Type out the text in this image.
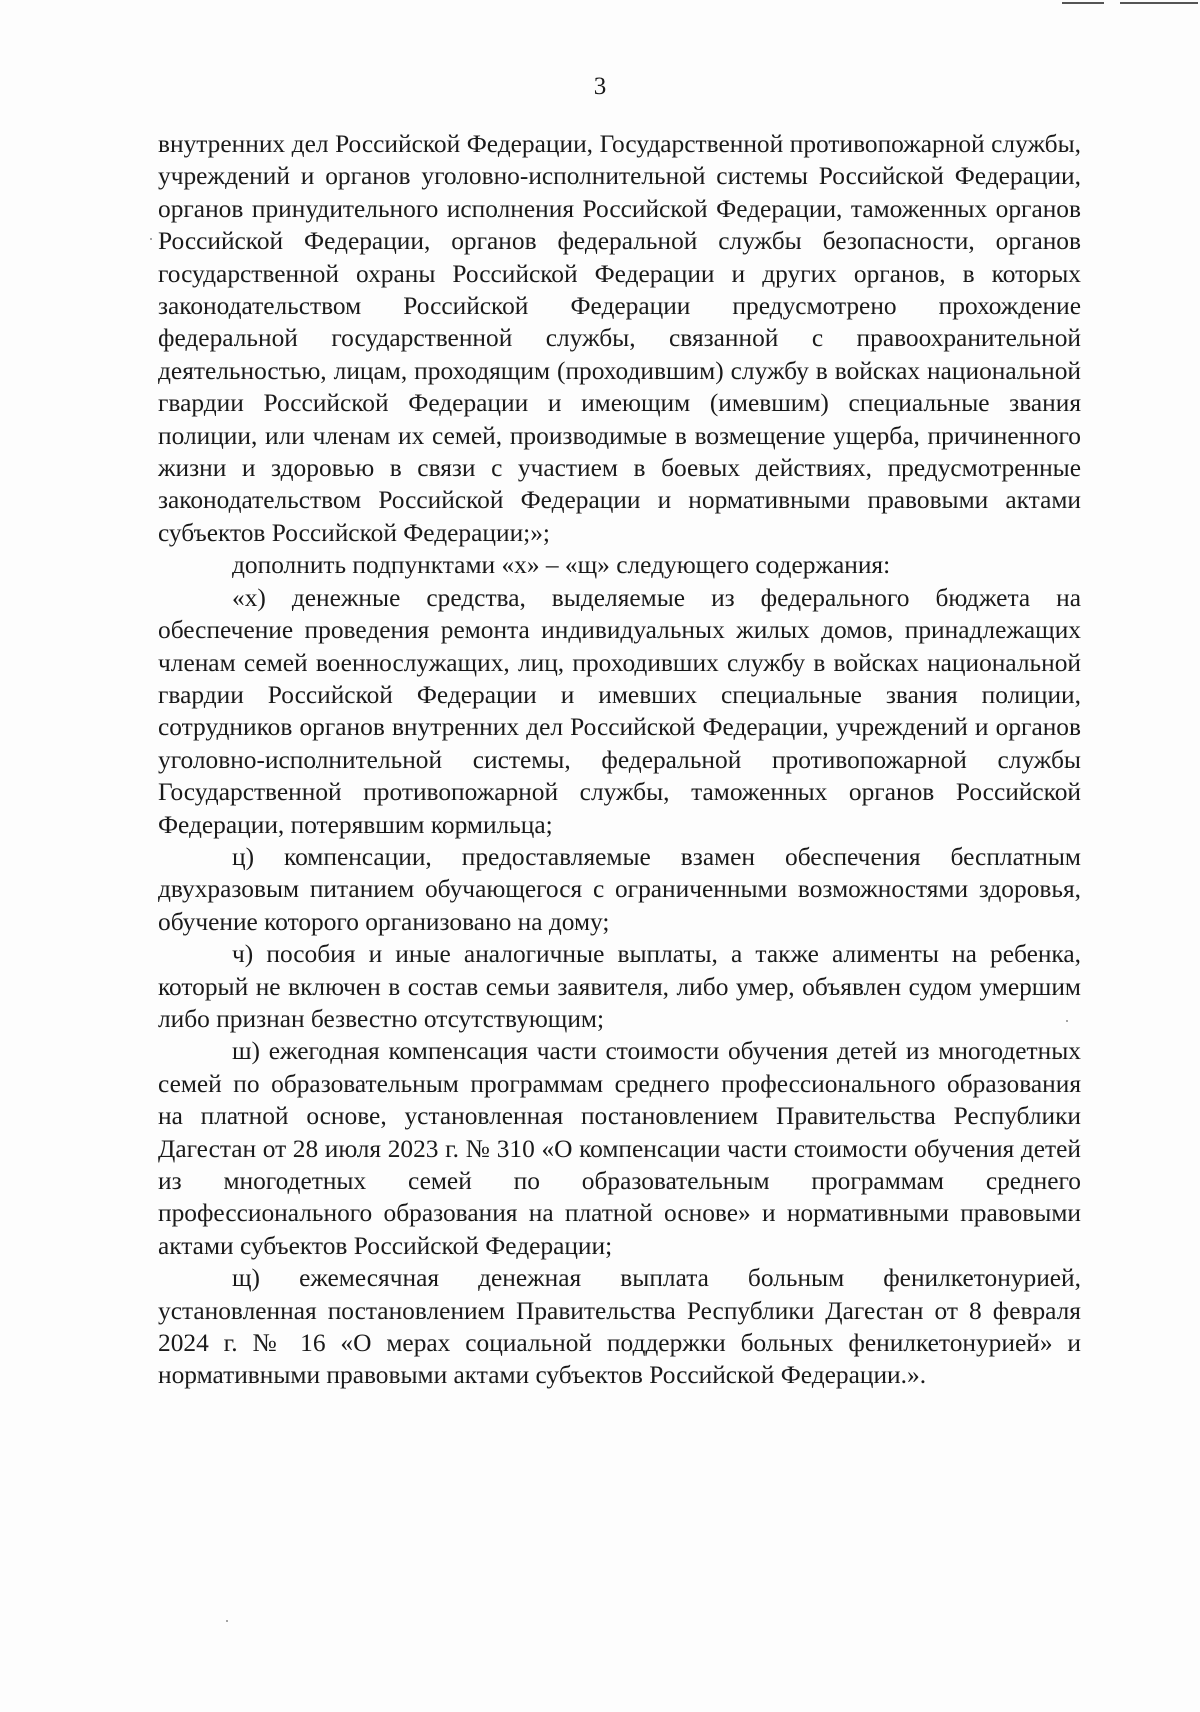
3

внутренних дел Российской Федерации, Государственной противопожарной службы, учреждений и органов уголовно-исполнительной системы Российской Федерации, органов принудительного исполнения Российской Федерации, таможенных органов Российской Федерации, органов федеральной службы безопасности, органов государственной охраны Российской Федерации и других органов, в которых законодательством Российской Федерации предусмотрено прохождение федеральной государственной службы, связанной с правоохранительной деятельностью, лицам, проходящим (проходившим) службу в войсках национальной гвардии Российской Федерации и имеющим (имевшим) специальные звания полиции, или членам их семей, производимые в возмещение ущерба, причиненного жизни и здоровью в связи с участием в боевых действиях, предусмотренные законодательством Российской Федерации и нормативными правовыми актами субъектов Российской Федерации;»;

дополнить подпунктами «х» – «щ» следующего содержания:

«х) денежные средства, выделяемые из федерального бюджета на обеспечение проведения ремонта индивидуальных жилых домов, принадлежащих членам семей военнослужащих, лиц, проходивших службу в войсках национальной гвардии Российской Федерации и имевших специальные звания полиции, сотрудников органов внутренних дел Российской Федерации, учреждений и органов уголовно-исполнительной системы, федеральной противопожарной службы Государственной противопожарной службы, таможенных органов Российской Федерации, потерявшим кормильца;

ц) компенсации, предоставляемые взамен обеспечения бесплатным двухразовым питанием обучающегося с ограниченными возможностями здоровья, обучение которого организовано на дому;

ч) пособия и иные аналогичные выплаты, а также алименты на ребенка, который не включен в состав семьи заявителя, либо умер, объявлен судом умершим либо признан безвестно отсутствующим;

ш) ежегодная компенсация части стоимости обучения детей из многодетных семей по образовательным программам среднего профессионального образования на платной основе, установленная постановлением Правительства Республики Дагестан от 28 июля 2023 г. № 310 «О компенсации части стоимости обучения детей из многодетных семей по образовательным программам среднего профессионального образования на платной основе» и нормативными правовыми актами субъектов Российской Федерации;

щ) ежемесячная денежная выплата больным фенилкетонурией, установленная постановлением Правительства Республики Дагестан от 8 февраля 2024 г. № 16 «О мерах социальной поддержки больных фенилкетонурией» и нормативными правовыми актами субъектов Российской Федерации.».
